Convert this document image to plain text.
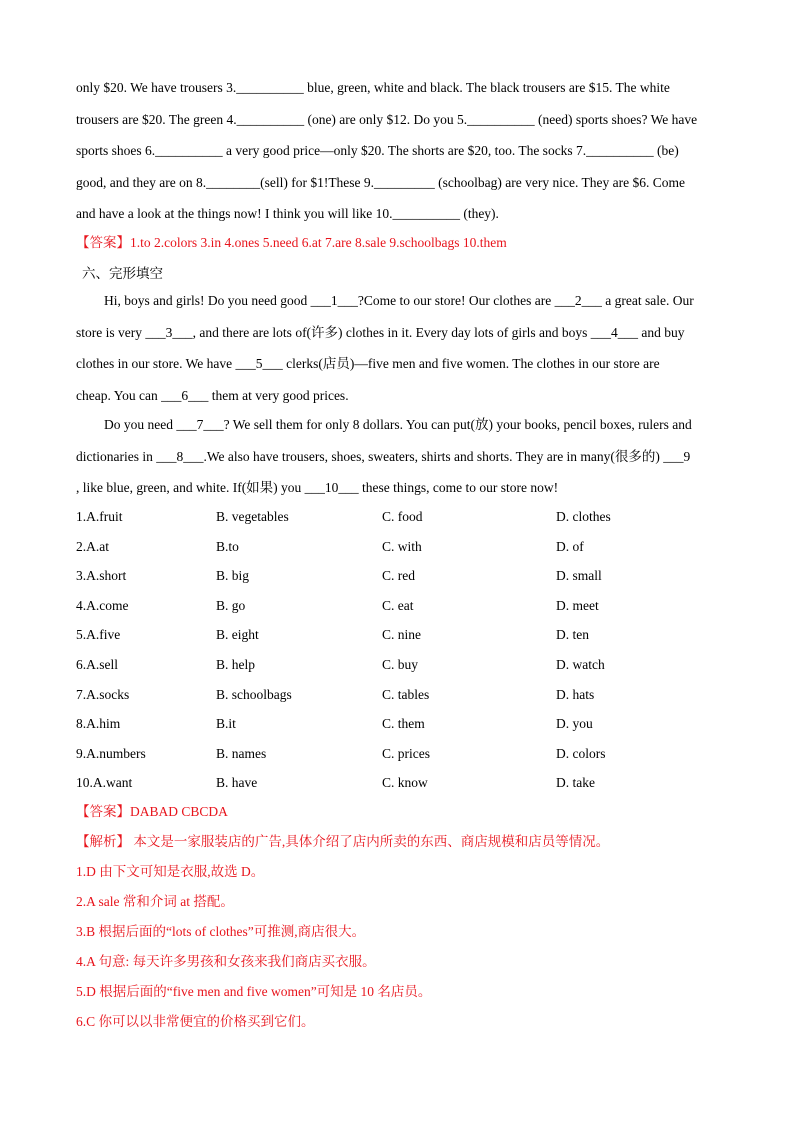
only $20. We have trousers 3.__________ blue, green, white and black. The black trousers are $15. The white
trousers are $20. The green 4.__________ (one) are only $12. Do you 5.__________ (need) sports shoes? We have
sports shoes 6.__________ a very good price—only $20. The shorts are $20, too. The socks 7.__________ (be)
good, and they are on 8.________(sell) for $1!These 9._________ (schoolbag) are very nice. They are $6. Come
and have a look at the things now! I think you will like 10.__________ (they).
【答案】1.to 2.colors 3.in 4.ones 5.need 6.at 7.are 8.sale 9.schoolbags 10.them
六、完形填空
Hi, boys and girls! Do you need good ___1___?Come to our store! Our clothes are ___2___ a great sale. Our
store is very ___3___, and there are lots of(许多) clothes in it. Every day lots of girls and boys ___4___ and buy
clothes in our store. We have ___5___ clerks(店员)—five men and five women. The clothes in our store are
cheap. You can ___6___ them at very good prices.
Do you need ___7___? We sell them for only 8 dollars. You can put(放) your books, pencil boxes, rulers and
dictionaries in ___8___.We also have trousers, shoes, sweaters, shirts and shorts. They are in many(很多的) ___9
, like blue, green, and white. If(如果) you ___10___ these things, come to our store now!
1.A.fruit	B. vegetables	C. food	D. clothes
2.A.at	B.to	C. with	D. of
3.A.short	B. big	C. red	D. small
4.A.come	B. go	C. eat	D. meet
5.A.five	B. eight	C. nine	D. ten
6.A.sell	B. help	C. buy	D. watch
7.A.socks	B. schoolbags	C. tables	D. hats
8.A.him	B.it	C. them	D. you
9.A.numbers	B. names	C. prices	D. colors
10.A.want	B. have	C. know	D. take
【答案】DABAD CBCDA
【解析】 本文是一家服装店的广告,具体介绍了店内所卖的东西、商店规模和店员等情况。
1.D 由下文可知是衣服,故选 D。
2.A sale 常和介词 at 搭配。
3.B 根据后面的“lots of clothes”可推测,商店很大。
4.A 句意: 每天许多男孩和女孩来我们商店买衣服。
5.D 根据后面的“five men and five women”可知是 10 名店员。
6.C 你可以以非常便宜的价格买到它们。
